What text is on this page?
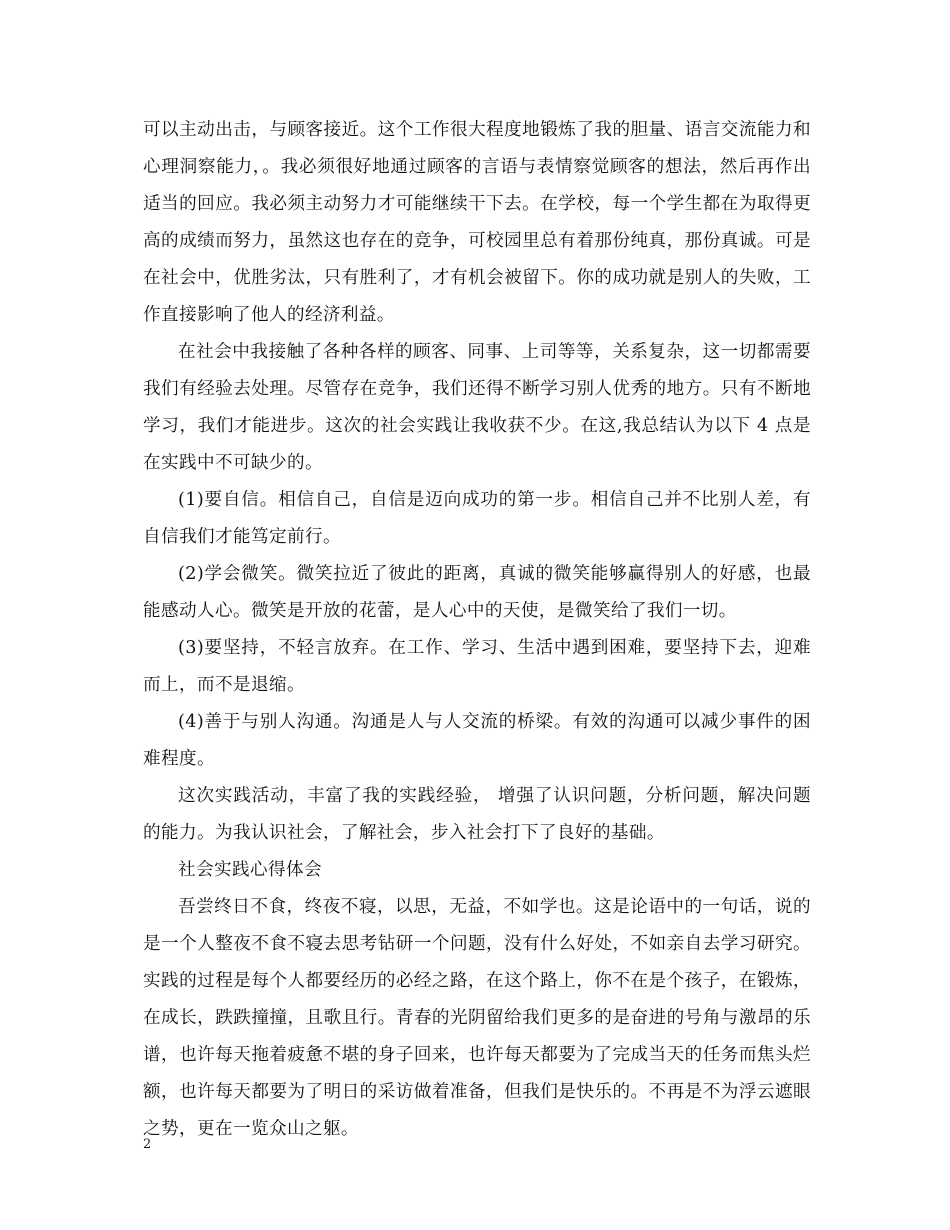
可以主动出击，与顾客接近。这个工作很大程度地锻炼了我的胆量、语言交流能力和心理洞察能力，。我必须很好地通过顾客的言语与表情察觉顾客的想法，然后再作出适当的回应。我必须主动努力才可能继续干下去。在学校，每一个学生都在为取得更高的成绩而努力，虽然这也存在的竞争，可校园里总有着那份纯真，那份真诚。可是在社会中，优胜劣汰，只有胜利了，才有机会被留下。你的成功就是别人的失败，工作直接影响了他人的经济利益。

在社会中我接触了各种各样的顾客、同事、上司等等，关系复杂，这一切都需要我们有经验去处理。尽管存在竞争，我们还得不断学习别人优秀的地方。只有不断地学习，我们才能进步。这次的社会实践让我收获不少。在这,我总结认为以下 4 点是在实践中不可缺少的。

(1)要自信。相信自己，自信是迈向成功的第一步。相信自己并不比别人差，有自信我们才能笃定前行。

(2)学会微笑。微笑拉近了彼此的距离，真诚的微笑能够赢得别人的好感，也最能感动人心。微笑是开放的花蕾，是人心中的天使，是微笑给了我们一切。

(3)要坚持，不轻言放弃。在工作、学习、生活中遇到困难，要坚持下去，迎难而上，而不是退缩。

(4)善于与别人沟通。沟通是人与人交流的桥梁。有效的沟通可以减少事件的困难程度。

这次实践活动，丰富了我的实践经验， 增强了认识问题，分析问题，解决问题的能力。为我认识社会，了解社会，步入社会打下了良好的基础。

社会实践心得体会

吾尝终日不食，终夜不寝，以思，无益，不如学也。这是论语中的一句话，说的是一个人整夜不食不寝去思考钻研一个问题，没有什么好处，不如亲自去学习研究。实践的过程是每个人都要经历的必经之路，在这个路上，你不在是个孩子，在锻炼，在成长，跌跌撞撞，且歌且行。青春的光阴留给我们更多的是奋进的号角与激昂的乐谱，也许每天拖着疲惫不堪的身子回来，也许每天都要为了完成当天的任务而焦头烂额，也许每天都要为了明日的采访做着准备，但我们是快乐的。不再是不为浮云遮眼之势，更在一览众山之躯。

2
